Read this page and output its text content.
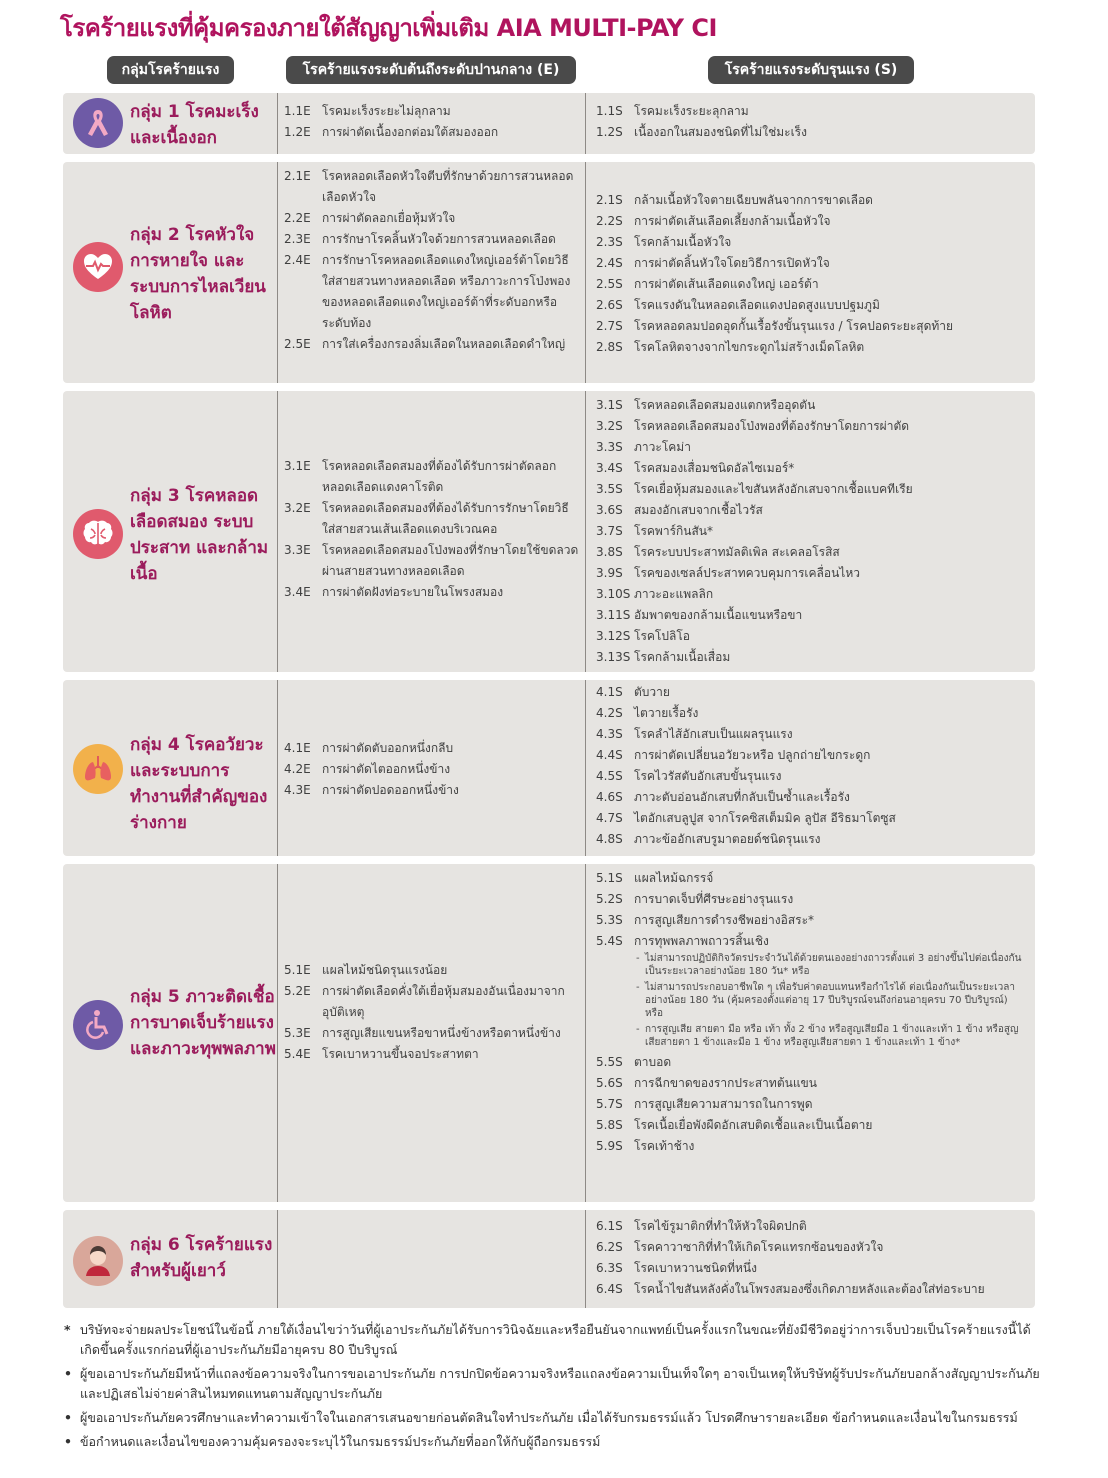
โรคร้ายแรงที่คุ้มครองภายใต้สัญญาเพิ่มเติม AIA MULTI-PAY CI
กลุ่มโรคร้ายแรง	โรคร้ายแรงระดับต้นถึงระดับปานกลาง (E)	โรคร้ายแรงระดับรุนแรง (S)
กลุ่ม 1 โรคมะเร็งและเนื้องอก
1.1E โรคมะเร็งระยะไม่ลุกลาม
1.2E การผ่าตัดเนื้องอกต่อมใต้สมองออก
1.1S โรคมะเร็งระยะลุกลาม
1.2S เนื้องอกในสมองชนิดที่ไม่ใช่มะเร็ง
กลุ่ม 2 โรคหัวใจ การหายใจ และระบบการไหลเวียนโลหิต
2.1E โรคหลอดเลือดหัวใจตีบที่รักษาด้วยการสวนหลอดเลือดหัวใจ
2.2E การผ่าตัดลอกเยื่อหุ้มหัวใจ
2.3E การรักษาโรคลิ้นหัวใจด้วยการสวนหลอดเลือด
2.4E การรักษาโรคหลอดเลือดแดงใหญ่เออร์ต้าโดยวิธีใส่สายสวนทางหลอดเลือด หรือภาวะการโป่งพองของหลอดเลือดแดงใหญ่เออร์ต้าที่ระดับอกหรือระดับท้อง
2.5E การใส่เครื่องกรองลิ่มเลือดในหลอดเลือดดำใหญ่
2.1S กล้ามเนื้อหัวใจตายเฉียบพลันจากการขาดเลือด
2.2S การผ่าตัดเส้นเลือดเลี้ยงกล้ามเนื้อหัวใจ
2.3S โรคกล้ามเนื้อหัวใจ
2.4S การผ่าตัดลิ้นหัวใจโดยวิธีการเปิดหัวใจ
2.5S การผ่าตัดเส้นเลือดแดงใหญ่ เออร์ต้า
2.6S โรคแรงดันในหลอดเลือดแดงปอดสูงแบบปฐมภูมิ
2.7S โรคหลอดลมปอดอุดกั้นเรื้อรังขั้นรุนแรง / โรคปอดระยะสุดท้าย
2.8S โรคโลหิตจางจากไขกระดูกไม่สร้างเม็ดโลหิต
กลุ่ม 3 โรคหลอดเลือดสมอง ระบบประสาท และกล้ามเนื้อ
3.1E โรคหลอดเลือดสมองที่ต้องได้รับการผ่าตัดลอกหลอดเลือดแดงคาโรติด
3.2E โรคหลอดเลือดสมองที่ต้องได้รับการรักษาโดยวิธีใส่สายสวนเส้นเลือดแดงบริเวณคอ
3.3E โรคหลอดเลือดสมองโป่งพองที่รักษาโดยใช้ขดลวดผ่านสายสวนทางหลอดเลือด
3.4E การผ่าตัดฝังท่อระบายในโพรงสมอง
3.1S โรคหลอดเลือดสมองแตกหรืออุดตัน
3.2S โรคหลอดเลือดสมองโป่งพองที่ต้องรักษาโดยการผ่าตัด
3.3S ภาวะโคม่า
3.4S โรคสมองเสื่อมชนิดอัลไซเมอร์*
3.5S โรคเยื่อหุ้มสมองและไขสันหลังอักเสบจากเชื้อแบคทีเรีย
3.6S สมองอักเสบจากเชื้อไวรัส
3.7S โรคพาร์กินสัน*
3.8S โรคระบบประสาทมัลติเพิล สะเคลอโรสิส
3.9S โรคของเซลล์ประสาทควบคุมการเคลื่อนไหว
3.10S ภาวะอะแพลลิก
3.11S อัมพาตของกล้ามเนื้อแขนหรือขา
3.12S โรคโปลิโอ
3.13S โรคกล้ามเนื้อเสื่อม
กลุ่ม 4 โรคอวัยวะและระบบการทำงานที่สำคัญของร่างกาย
4.1E การผ่าตัดตับออกหนึ่งกลีบ
4.2E การผ่าตัดไตออกหนึ่งข้าง
4.3E การผ่าตัดปอดออกหนึ่งข้าง
4.1S ตับวาย
4.2S ไตวายเรื้อรัง
4.3S โรคลำไส้อักเสบเป็นแผลรุนแรง
4.4S การผ่าตัดเปลี่ยนอวัยวะหรือ ปลูกถ่ายไขกระดูก
4.5S โรคไวรัสตับอักเสบขั้นรุนแรง
4.6S ภาวะตับอ่อนอักเสบที่กลับเป็นซ้ำและเรื้อรัง
4.7S ไตอักเสบลูปูส จากโรคซิสเต็มมิค ลูปัส อีริธมาโตซูส
4.8S ภาวะข้ออักเสบรูมาตอยด์ชนิดรุนแรง
กลุ่ม 5 ภาวะติดเชื้อ การบาดเจ็บร้ายแรง และภาวะทุพพลภาพ
5.1E แผลไหม้ชนิดรุนแรงน้อย
5.2E การผ่าตัดเลือดคั่งใต้เยื่อหุ้มสมองอันเนื่องมาจากอุบัติเหตุ
5.3E การสูญเสียแขนหรือขาหนึ่งข้างหรือตาหนึ่งข้าง
5.4E โรคเบาหวานขึ้นจอประสาทตา
5.1S แผลไหม้ฉกรรจ์
5.2S การบาดเจ็บที่ศีรษะอย่างรุนแรง
5.3S การสูญเสียการดำรงชีพอย่างอิสระ*
5.4S การทุพพลภาพถาวรสิ้นเชิง
- ไม่สามารถปฏิบัติกิจวัตรประจำวันได้ด้วยตนเองอย่างถาวรตั้งแต่ 3 อย่างขึ้นไปต่อเนื่องกันเป็นระยะเวลาอย่างน้อย 180 วัน* หรือ
- ไม่สามารถประกอบอาชีพใด ๆ เพื่อรับค่าตอบแทนหรือกำไรได้ ต่อเนื่องกันเป็นระยะเวลาอย่างน้อย 180 วัน (คุ้มครองตั้งแต่อายุ 17 ปีบริบูรณ์จนถึงก่อนอายุครบ 70 ปีบริบูรณ์) หรือ
- การสูญเสีย สายตา มือ หรือ เท้า ทั้ง 2 ข้าง หรือสูญเสียมือ 1 ข้างและเท้า 1 ข้าง หรือสูญเสียสายตา 1 ข้างและมือ 1 ข้าง หรือสูญเสียสายตา 1 ข้างและเท้า 1 ข้าง*
5.5S ตาบอด
5.6S การฉีกขาดของรากประสาทต้นแขน
5.7S การสูญเสียความสามารถในการพูด
5.8S โรคเนื้อเยื่อพังผืดอักเสบติดเชื้อและเป็นเนื้อตาย
5.9S โรคเท้าช้าง
กลุ่ม 6 โรคร้ายแรงสำหรับผู้เยาว์
6.1S โรคไข้รูมาติกที่ทำให้หัวใจผิดปกติ
6.2S โรคคาวาซากิที่ทำให้เกิดโรคแทรกซ้อนของหัวใจ
6.3S โรคเบาหวานชนิดที่หนึ่ง
6.4S โรคน้ำไขสันหลังคั่งในโพรงสมองซึ่งเกิดภายหลังและต้องใส่ท่อระบาย
* บริษัทจะจ่ายผลประโยชน์ในข้อนี้ ภายใต้เงื่อนไขว่าวันที่ผู้เอาประกันภัยได้รับการวินิจฉัยและหรือยืนยันจากแพทย์เป็นครั้งแรกในขณะที่ยังมีชีวิตอยู่ว่าการเจ็บป่วยเป็นโรคร้ายแรงนี้ได้เกิดขึ้นครั้งแรกก่อนที่ผู้เอาประกันภัยมีอายุครบ 80 ปีบริบูรณ์
• ผู้ขอเอาประกันภัยมีหน้าที่แถลงข้อความจริงในการขอเอาประกันภัย การปกปิดข้อความจริงหรือแถลงข้อความเป็นเท็จใดๆ อาจเป็นเหตุให้บริษัทผู้รับประกันภัยบอกล้างสัญญาประกันภัยและปฏิเสธไม่จ่ายค่าสินไหมทดแทนตามสัญญาประกันภัย
• ผู้ขอเอาประกันภัยควรศึกษาและทำความเข้าใจในเอกสารเสนอขายก่อนตัดสินใจทำประกันภัย เมื่อได้รับกรมธรรม์แล้ว โปรดศึกษารายละเอียด ข้อกำหนดและเงื่อนไขในกรมธรรม์
• ข้อกำหนดและเงื่อนไขของความคุ้มครองจะระบุไว้ในกรมธรรม์ประกันภัยที่ออกให้กับผู้ถือกรมธรรม์
